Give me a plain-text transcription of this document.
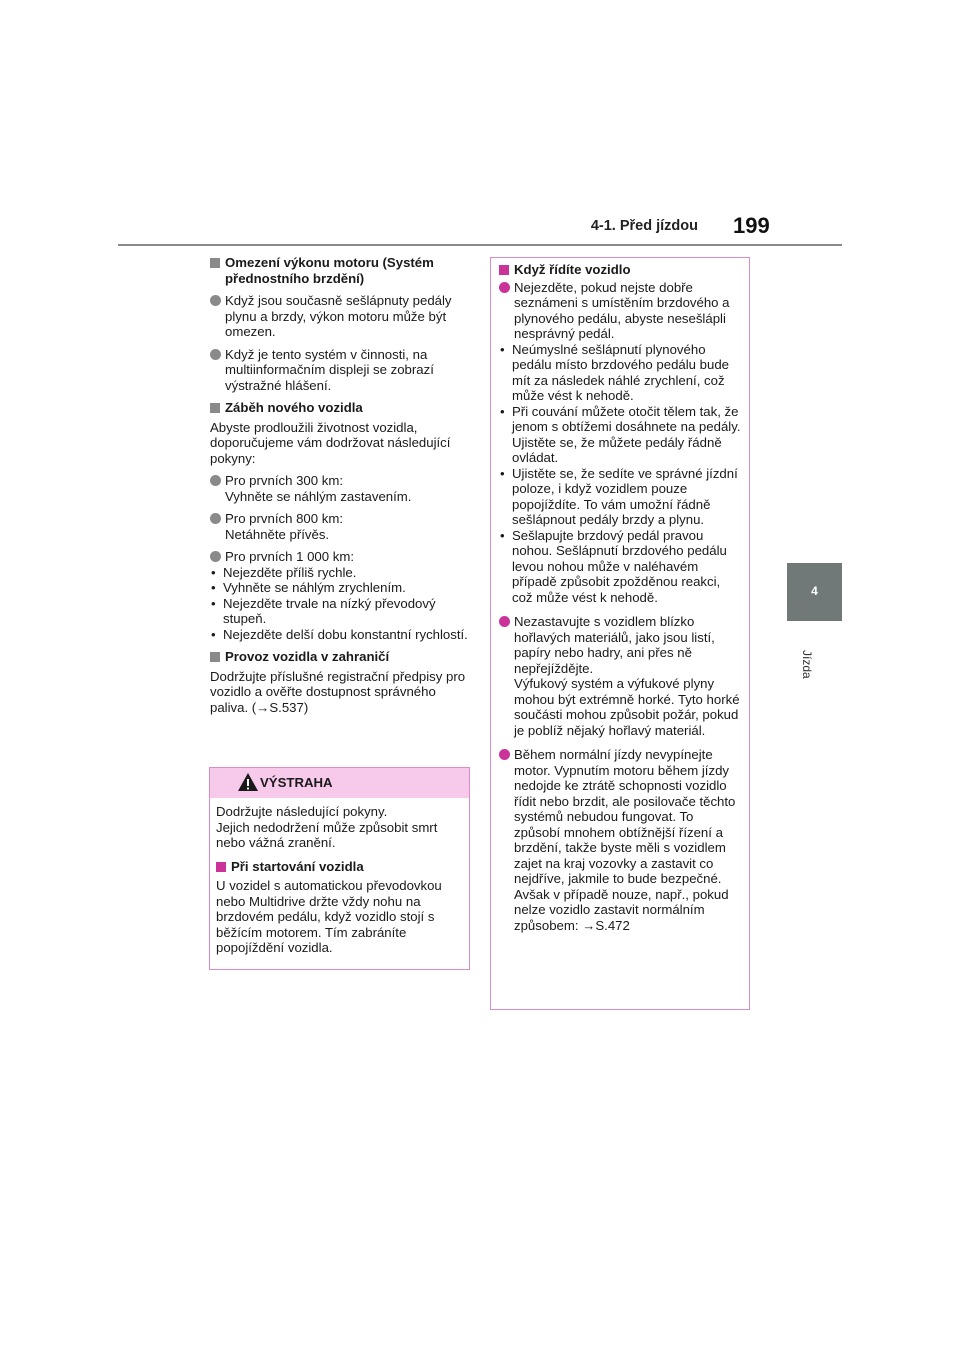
4-1. Před jízdou 199
4
Jízda
Omezení výkonu motoru (Systém přednostního brzdění)
Když jsou současně sešlápnuty pedály plynu a brzdy, výkon motoru může být omezen.
Když je tento systém v činnosti, na multiinformačním displeji se zobrazí výstražné hlášení.
Záběh nového vozidla
Abyste prodloužili životnost vozidla, doporučujeme vám dodržovat následující pokyny:
Pro prvních 300 km:
Vyhněte se náhlým zastavením.
Pro prvních 800 km:
Netáhněte přívěs.
Pro prvních 1 000 km:
• Nejezděte příliš rychle.
• Vyhněte se náhlým zrychlením.
• Nejezděte trvale na nízký převodový stupeň.
• Nejezděte delší dobu konstantní rychlostí.
Provoz vozidla v zahraničí
Dodržujte příslušné registrační předpisy pro vozidlo a ověřte dostupnost správného paliva. (→S.537)
VÝSTRAHA
Dodržujte následující pokyny.
Jejich nedodržení může způsobit smrt nebo vážná zranění.
Při startování vozidla
U vozidel s automatickou převodovkou nebo Multidrive držte vždy nohu na brzdovém pedálu, když vozidlo stojí s běžícím motorem. Tím zabráníte popojíždění vozidla.
Když řídíte vozidlo
Nejezděte, pokud nejste dobře seznámeni s umístěním brzdového a plynového pedálu, abyste nesešlápli nesprávný pedál.
• Neúmyslné sešlápnutí plynového pedálu místo brzdového pedálu bude mít za následek náhlé zrychlení, což může vést k nehodě.
• Při couvání můžete otočit tělem tak, že jenom s obtížemi dosáhnete na pedály. Ujistěte se, že můžete pedály řádně ovládat.
• Ujistěte se, že sedíte ve správné jízdní poloze, i když vozidlem pouze popojíždíte. To vám umožní řádně sešlápnout pedály brzdy a plynu.
• Sešlapujte brzdový pedál pravou nohou. Sešlápnutí brzdového pedálu levou nohou může v naléhavém případě způsobit zpožděnou reakci, což může vést k nehodě.
Nezastavujte s vozidlem blízko hořlavých materiálů, jako jsou listí, papíry nebo hadry, ani přes ně nepřejíždějte.
Výfukový systém a výfukové plyny mohou být extrémně horké. Tyto horké součásti mohou způsobit požár, pokud je poblíž nějaký hořlavý materiál.
Během normální jízdy nevypínejte motor. Vypnutím motoru během jízdy nedojde ke ztrátě schopnosti vozidlo řídit nebo brzdit, ale posilovače těchto systémů nebudou fungovat. To způsobí mnohem obtížnější řízení a brzdění, takže byste měli s vozidlem zajet na kraj vozovky a zastavit co nejdříve, jakmile to bude bezpečné.
Avšak v případě nouze, např., pokud nelze vozidlo zastavit normálním způsobem: →S.472
